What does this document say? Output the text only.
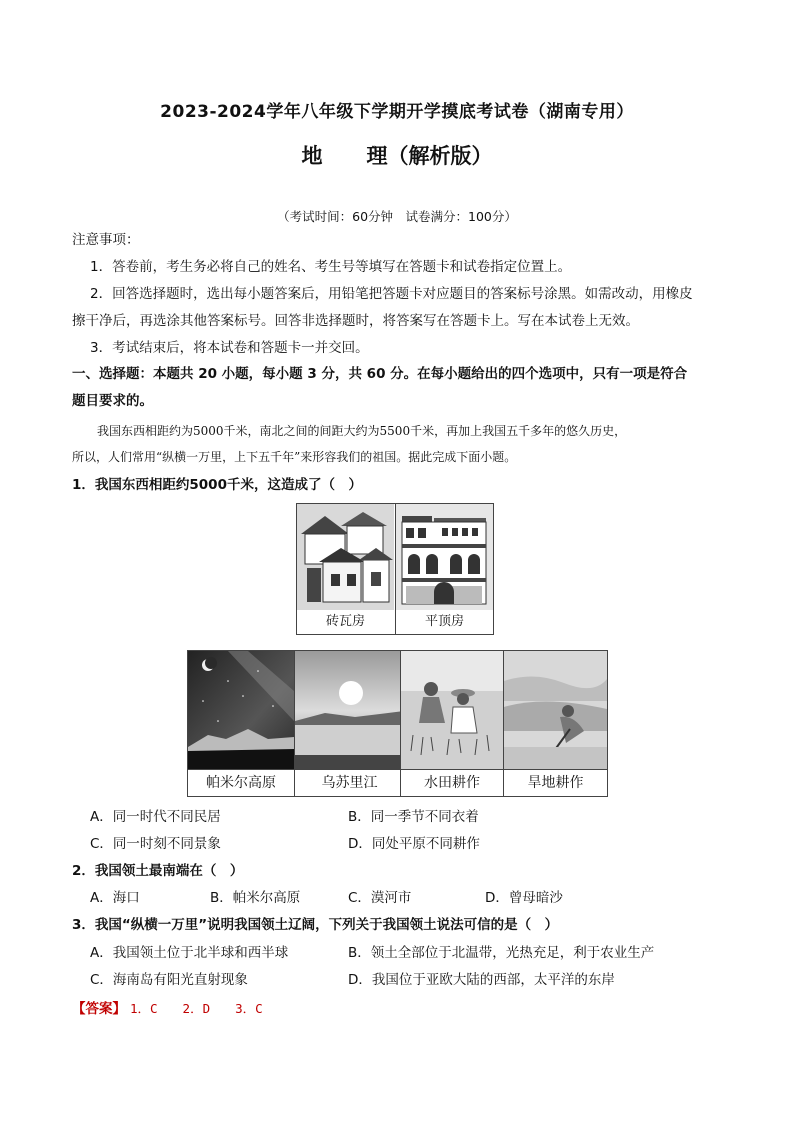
2023-2024学年八年级下学期开学摸底考试卷（湖南专用）
地 理（解析版）
（考试时间：60分钟　试卷满分：100分）
注意事项：
1．答卷前，考生务必将自己的姓名、考生号等填写在答题卡和试卷指定位置上。
2．回答选择题时，选出每小题答案后，用铅笔把答题卡对应题目的答案标号涂黑。如需改动，用橡皮
擦干净后，再选涂其他答案标号。回答非选择题时，将答案写在答题卡上。写在本试卷上无效。
3．考试结束后，将本试卷和答题卡一并交回。
一、选择题：本题共 20 小题，每小题 3 分，共 60 分。在每小题给出的四个选项中，只有一项是符合
题目要求的。
我国东西相距约为5000千米，南北之间的间距大约为5500千米，再加上我国五千多年的悠久历史，
所以，人们常用“纵横一万里，上下五千年”来形容我们的祖国。据此完成下面小题。
1．我国东西相距约5000千米，这造成了（　）
砖瓦房	平顶房
帕米尔高原	乌苏里江	水田耕作	旱地耕作
A．同一时代不同民居	B．同一季节不同衣着
C．同一时刻不同景象	D．同处平原不同耕作
2．我国领土最南端在（　）
A．海口	B．帕米尔高原	C．漠河市	D．曾母暗沙
3．我国“纵横一万里”说明我国领土辽阔，下列关于我国领土说法可信的是（　）
A．我国领土位于北半球和西半球	B．领土全部位于北温带，光热充足，利于农业生产
C．海南岛有阳光直射现象	D．我国位于亚欧大陆的西部，太平洋的东岸
【答案】 1．C　　2．D　　3．C
